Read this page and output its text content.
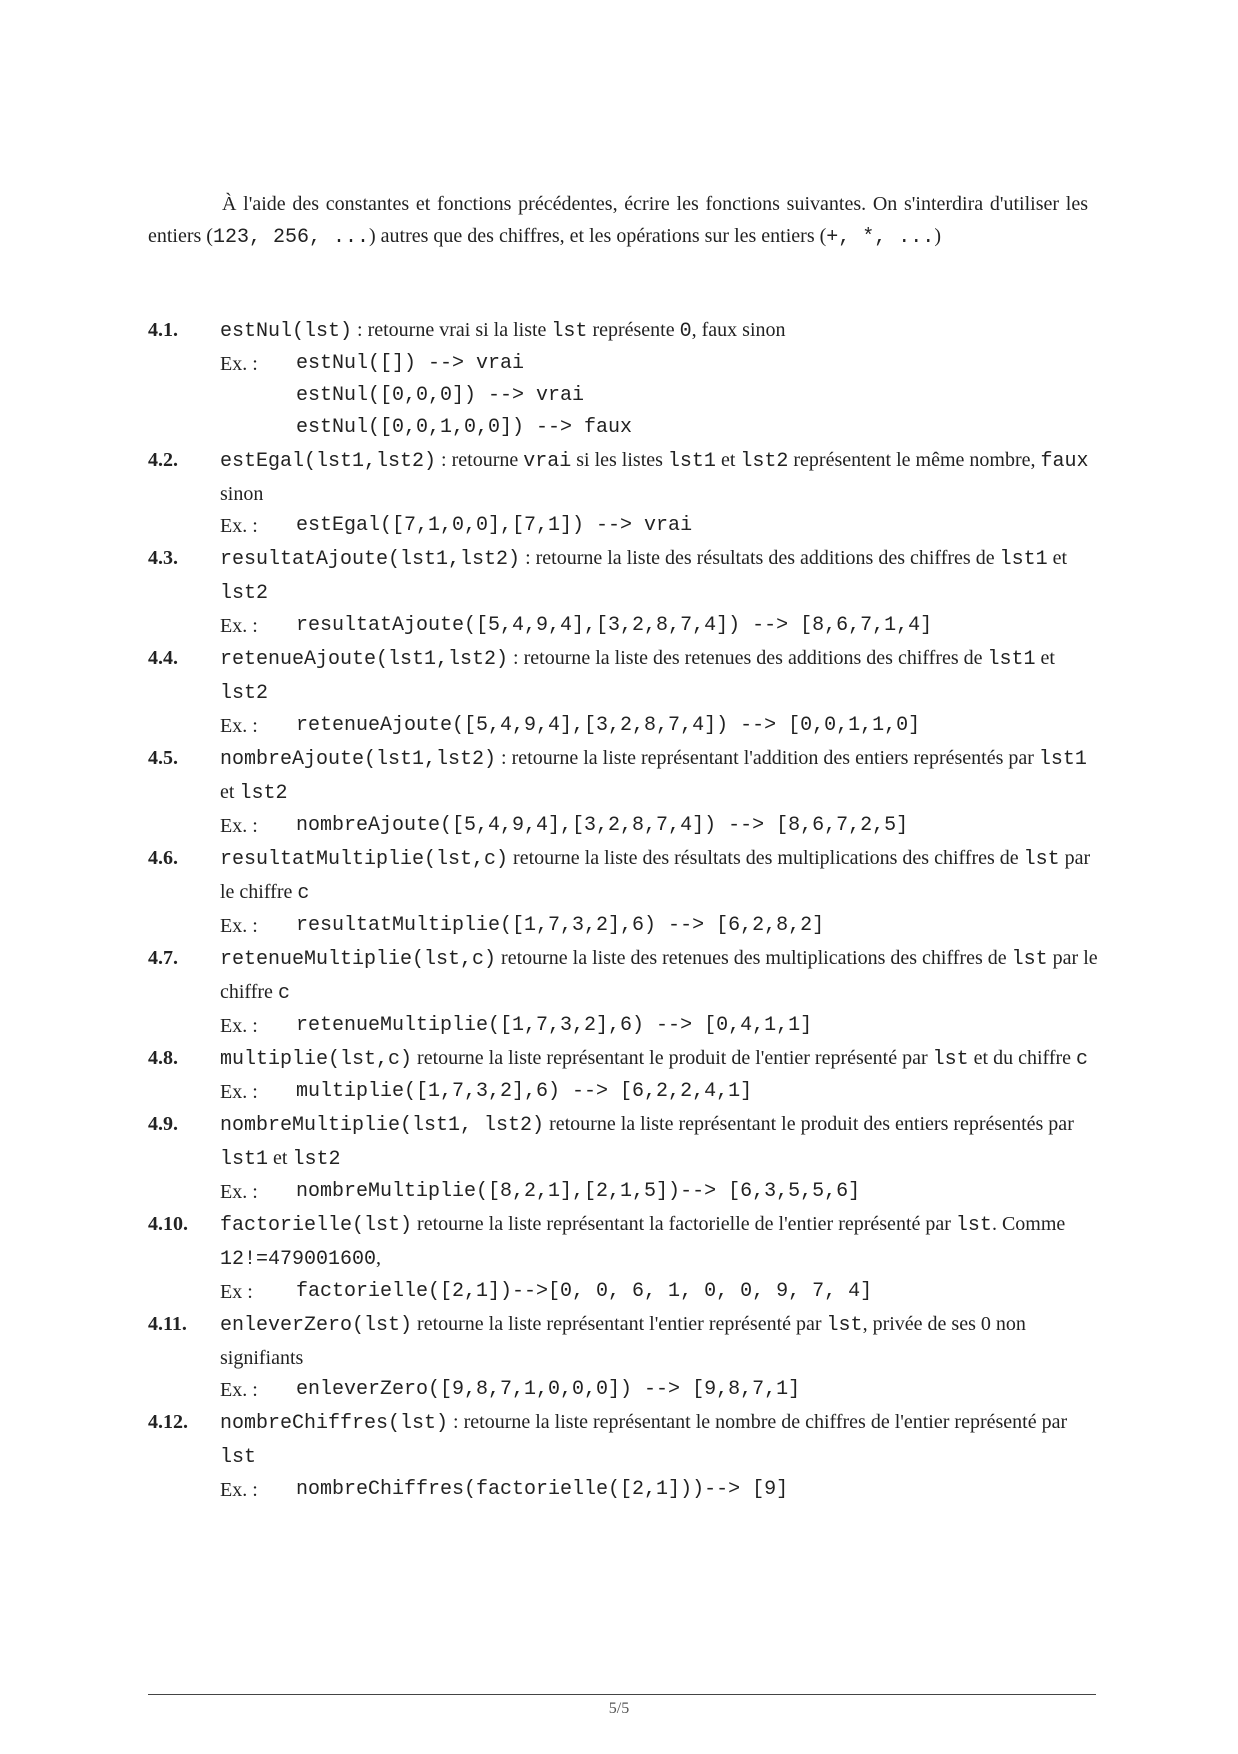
À l'aide des constantes et fonctions précédentes, écrire les fonctions suivantes. On s'interdira d'utiliser les entiers (123, 256, ...) autres que des chiffres, et les opérations sur les entiers (+, *, ...)
4.1.	estNul(lst) : retourne vrai si la liste lst représente 0, faux sinon
Ex. :	estNul([]) --> vrai
estNul([0,0,0]) --> vrai
estNul([0,0,1,0,0]) --> faux
4.2.	estEgal(lst1,lst2) : retourne vrai si les listes lst1 et lst2 représentent le même nombre, faux sinon
Ex. :	estEgal([7,1,0,0],[7,1]) --> vrai
4.3.	resultatAjoute(lst1,lst2) : retourne la liste des résultats des additions des chiffres de lst1 et lst2
Ex. :	resultatAjoute([5,4,9,4],[3,2,8,7,4]) --> [8,6,7,1,4]
4.4.	retenueAjoute(lst1,lst2) : retourne la liste des retenues des additions des chiffres de lst1 et lst2
Ex. :	retenueAjoute([5,4,9,4],[3,2,8,7,4]) --> [0,0,1,1,0]
4.5.	nombreAjoute(lst1,lst2) : retourne la liste représentant l'addition des entiers représentés par lst1 et lst2
Ex. :	nombreAjoute([5,4,9,4],[3,2,8,7,4]) --> [8,6,7,2,5]
4.6.	resultatMultiplie(lst,c) retourne la liste des résultats des multiplications des chiffres de lst par le chiffre c
Ex. :	resultatMultiplie([1,7,3,2],6) --> [6,2,8,2]
4.7.	retenueMultiplie(lst,c) retourne la liste des retenues des multiplications des chiffres de lst par le chiffre c
Ex. :	retenueMultiplie([1,7,3,2],6) --> [0,4,1,1]
4.8.	multiplie(lst,c) retourne la liste représentant le produit de l'entier représenté par lst et du chiffre c
Ex. :	multiplie([1,7,3,2],6) --> [6,2,2,4,1]
4.9.	nombreMultiplie(lst1, lst2) retourne la liste représentant le produit des entiers représentés par lst1 et lst2
Ex. :	nombreMultiplie([8,2,1],[2,1,5])--> [6,3,5,5,6]
4.10.	factorielle(lst) retourne la liste représentant la factorielle de l'entier représenté par lst. Comme 12!=479001600,
Ex :	factorielle([2,1])-->[0, 0, 6, 1, 0, 0, 9, 7, 4]
4.11.	enleverZero(lst) retourne la liste représentant l'entier représenté par lst, privée de ses 0 non signifiants
Ex. :	enleverZero([9,8,7,1,0,0,0]) --> [9,8,7,1]
4.12.	nombreChiffres(lst) : retourne la liste représentant le nombre de chiffres de l'entier représenté par lst
Ex. :	nombreChiffres(factorielle([2,1]))--> [9]
5/5
